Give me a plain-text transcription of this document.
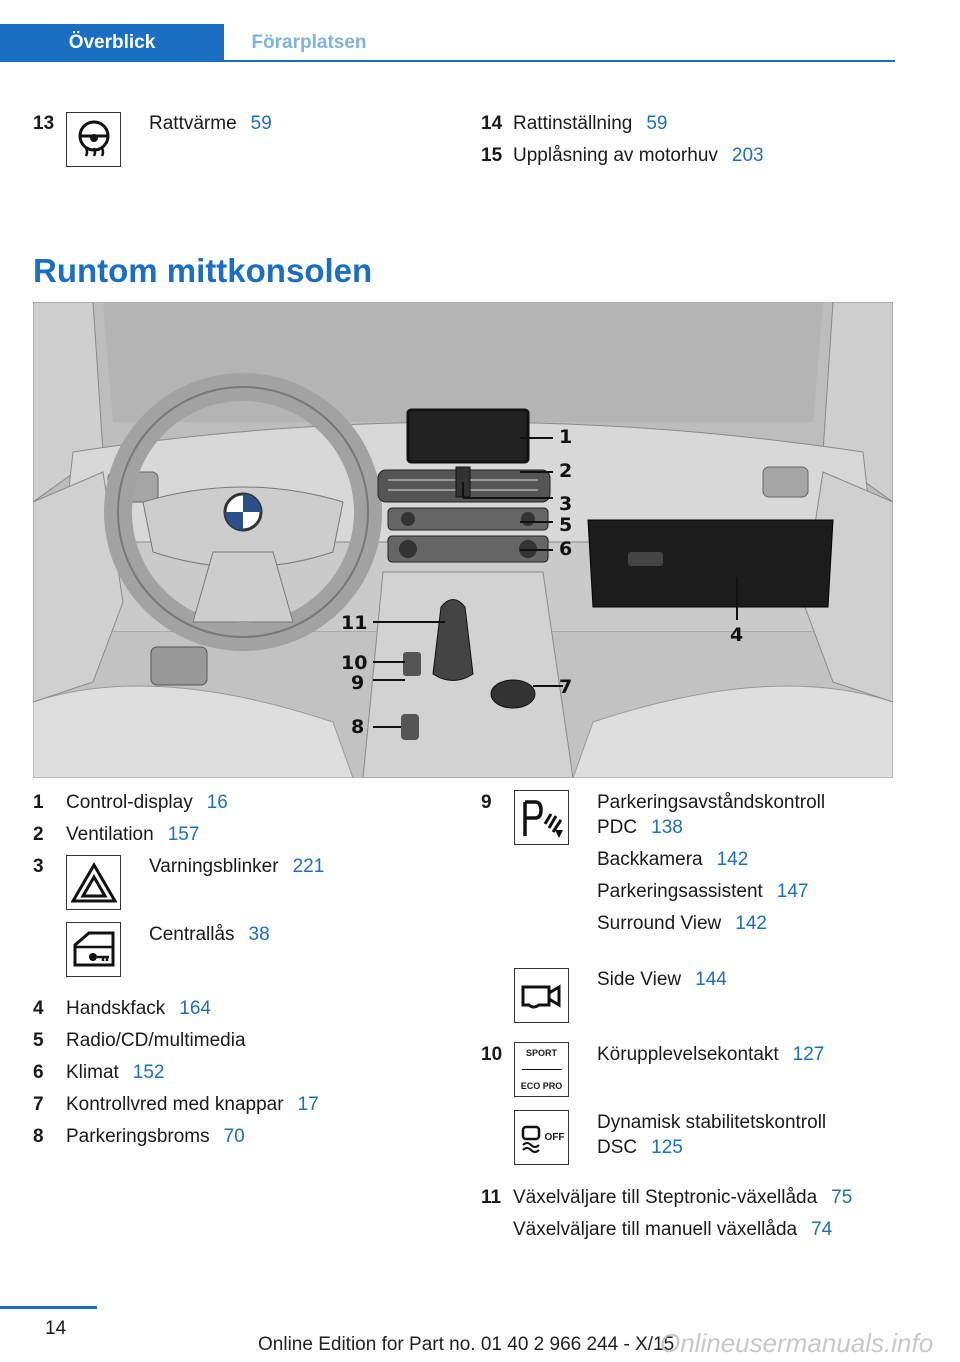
Överblick	Förarplatsen
13	Rattvärme 59	14 Rattinställning 59
15 Upplåsning av motorhuv 203
Runtom mittkonsolen
1
2
3
5
6
4
11
10
9	7
8
1 Control-display 16
2 Ventilation 157
3	Varningsblinker 221
Centrallås 38
4 Handskfack 164
5 Radio/CD/multimedia
6 Klimat 152
7 Kontrollvred med knappar 17
8 Parkeringsbroms 70
9	Parkeringsavståndskontroll
PDC 138
Backkamera 142
Parkeringsassistent 147
Surround View 142
Side View 144
10	SPORT
ECO PRO
Körupplevelsekontakt 127
OFF
Dynamisk stabilitetskontroll
DSC 125
11 Växelväljare till Steptronic-växellåda 75
Växelväljare till manuell växellåda 74
14
Online Edition for Part no. 01 40 2 966 244 - X/15
Onlineusermanuals.info
